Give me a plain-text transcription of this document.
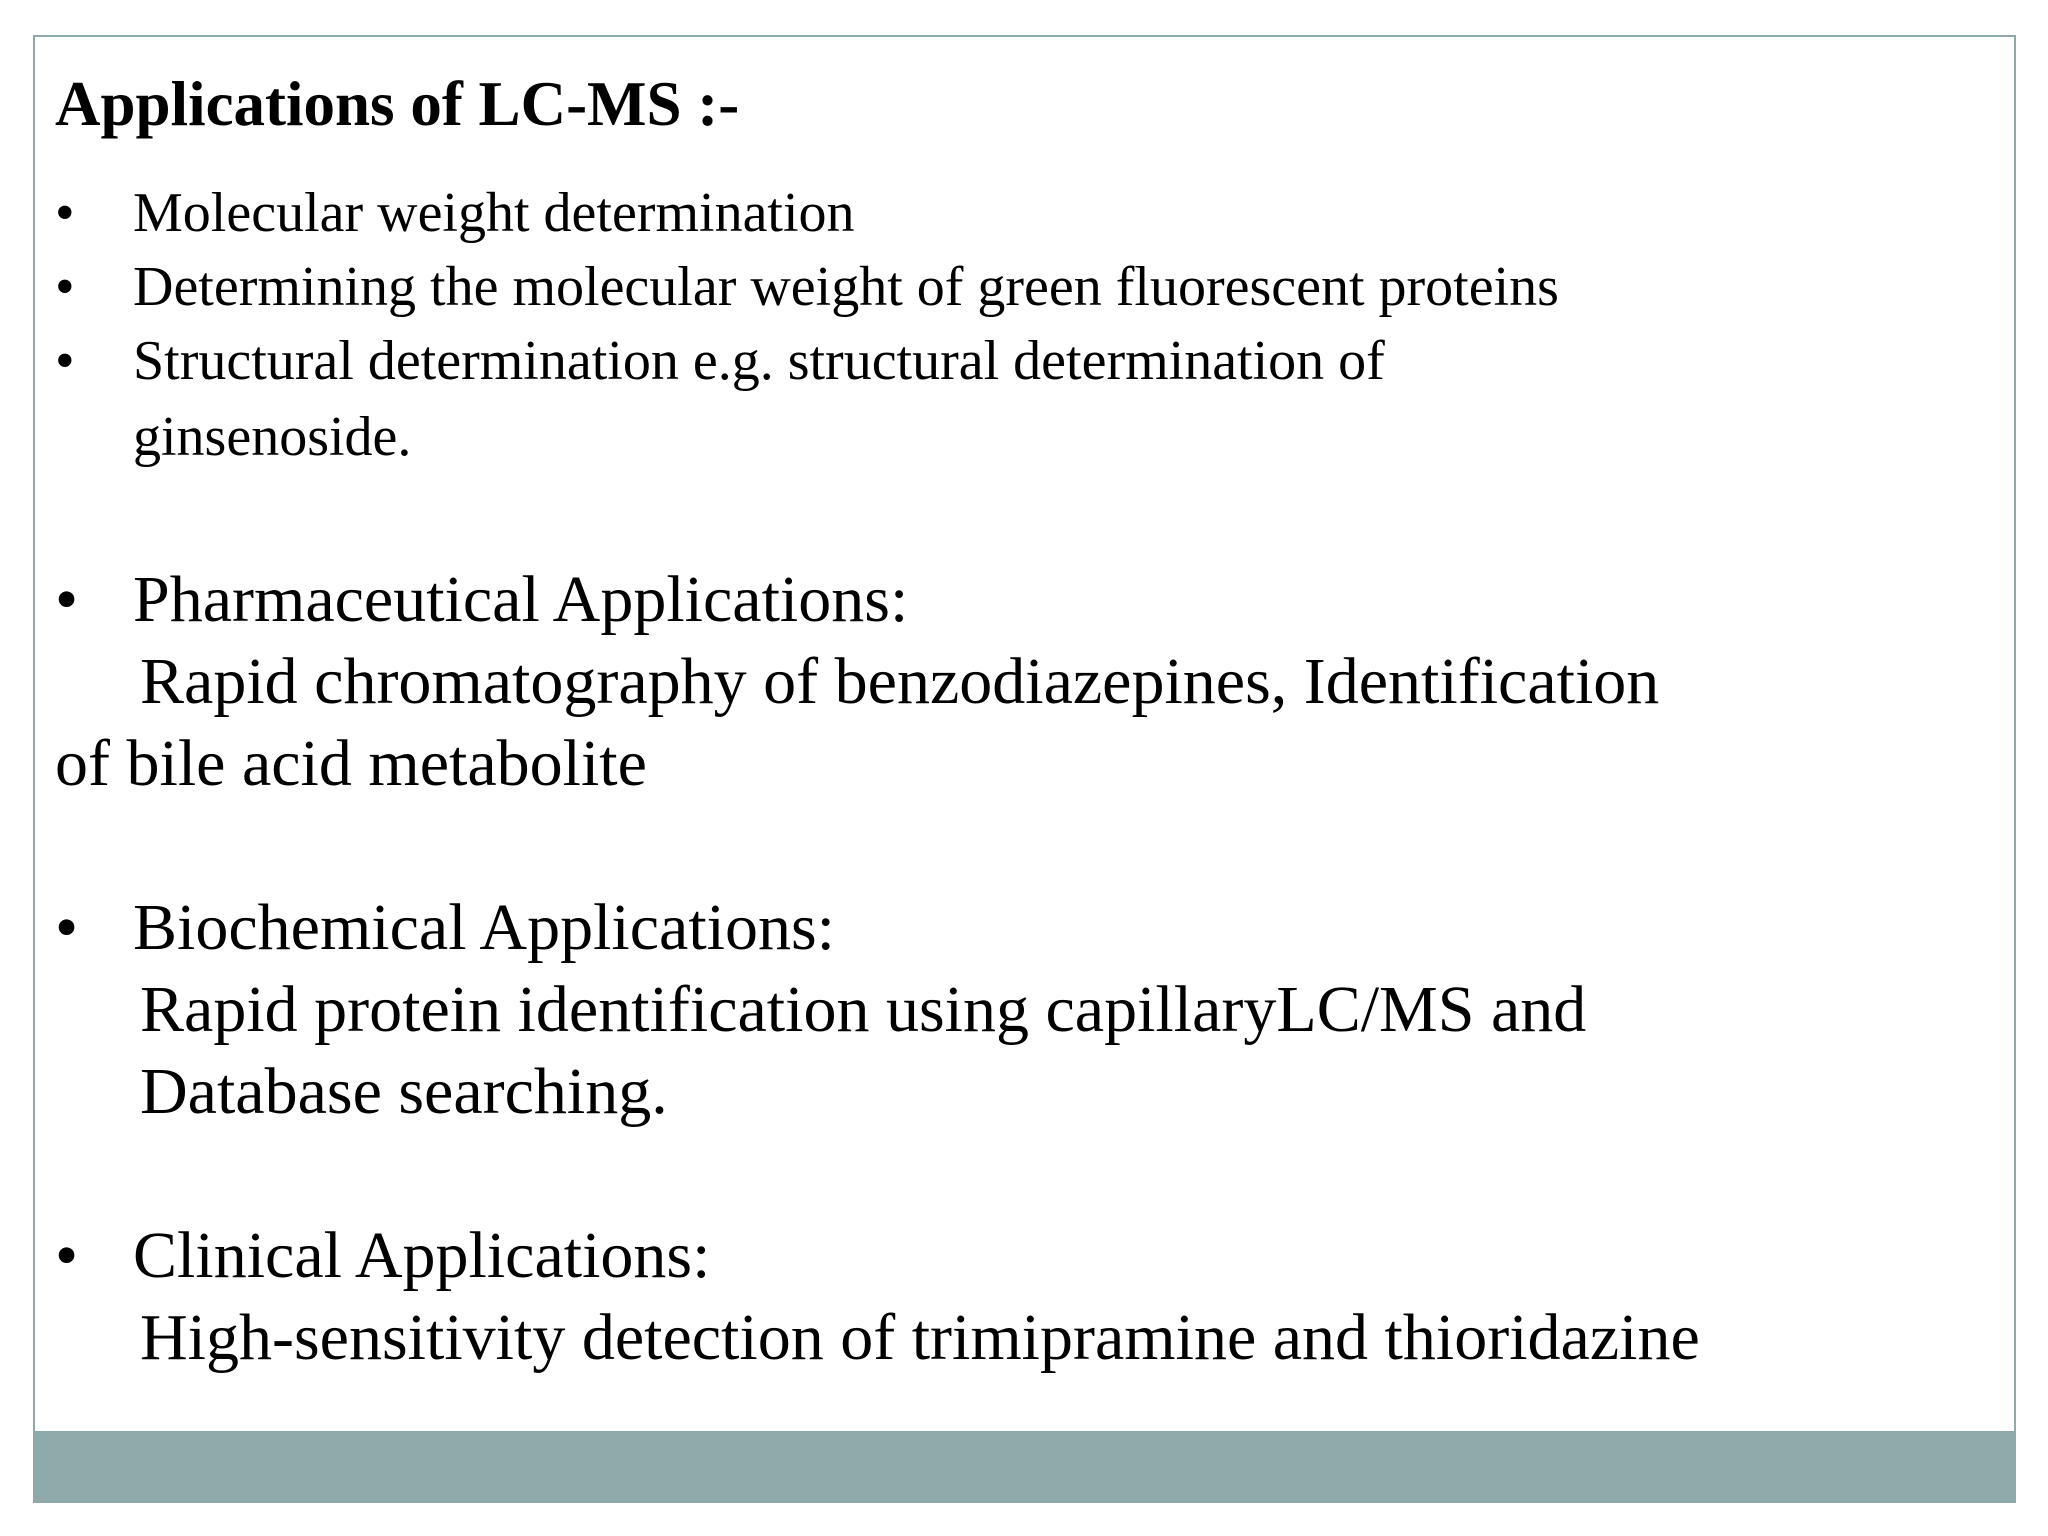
Applications of LC-MS :-
• Molecular weight determination
• Determining the molecular weight of green fluorescent proteins
• Structural determination e.g. structural determination of
ginsenoside.
• Pharmaceutical Applications:
Rapid chromatography of benzodiazepines, Identification
of bile acid metabolite
• Biochemical Applications:
Rapid protein identification using capillaryLC/MS and
Database searching.
• Clinical Applications:
High-sensitivity detection of trimipramine and thioridazine
